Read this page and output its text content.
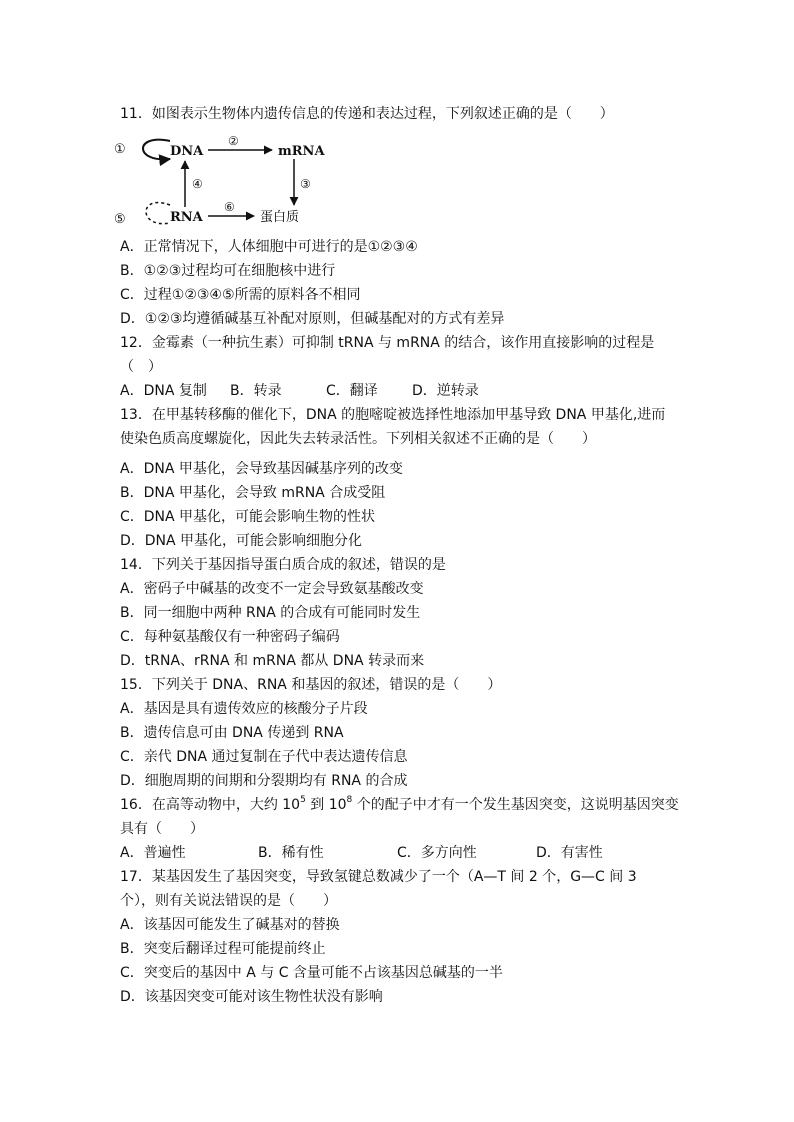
11．如图表示生物体内遗传信息的传递和表达过程，下列叙述正确的是（　　）
①
⑤
DNA	mRNA
RNA	蛋白质
②
③
④
⑥
A．正常情况下，人体细胞中可进行的是①②③④
B．①②③过程均可在细胞核中进行
C．过程①②③④⑤所需的原料各不相同
D．①②③均遵循碱基互补配对原则，但碱基配对的方式有差异
12．金霉素（一种抗生素）可抑制 tRNA 与 mRNA 的结合，该作用直接影响的过程是
（　）
A．DNA 复制 B．转录	C．翻译 D．逆转录
13．在甲基转移酶的催化下，DNA 的胞嘧啶被选择性地添加甲基导致 DNA 甲基化,进而
使染色质高度螺旋化，因此失去转录活性。下列相关叙述不正确的是（　　）
A．DNA 甲基化，会导致基因碱基序列的改变
B．DNA 甲基化，会导致 mRNA 合成受阻
C．DNA 甲基化，可能会影响生物的性状
D．DNA 甲基化，可能会影响细胞分化
14．下列关于基因指导蛋白质合成的叙述，错误的是
A．密码子中碱基的改变不一定会导致氨基酸改变
B．同一细胞中两种 RNA 的合成有可能同时发生
C．每种氨基酸仅有一种密码子编码
D．tRNA、rRNA 和 mRNA 都从 DNA 转录而来
15．下列关于 DNA、RNA 和基因的叙述，错误的是（　　）
A．基因是具有遗传效应的核酸分子片段
B．遗传信息可由 DNA 传递到 RNA
C．亲代 DNA 通过复制在子代中表达遗传信息
D．细胞周期的间期和分裂期均有 RNA 的合成
16．在高等动物中，大约 $10^5$ 到 $10^8$ 个的配子中才有一个发生基因突变，这说明基因突变
具有（　　）
A．普遍性	B．稀有性	C．多方向性	D．有害性
17．某基因发生了基因突变，导致氢键总数减少了一个（A—T 间 2 个，G—C 间 3
个），则有关说法错误的是（　　）
A．该基因可能发生了碱基对的替换
B．突变后翻译过程可能提前终止
C．突变后的基因中 A 与 C 含量可能不占该基因总碱基的一半
D．该基因突变可能对该生物性状没有影响
